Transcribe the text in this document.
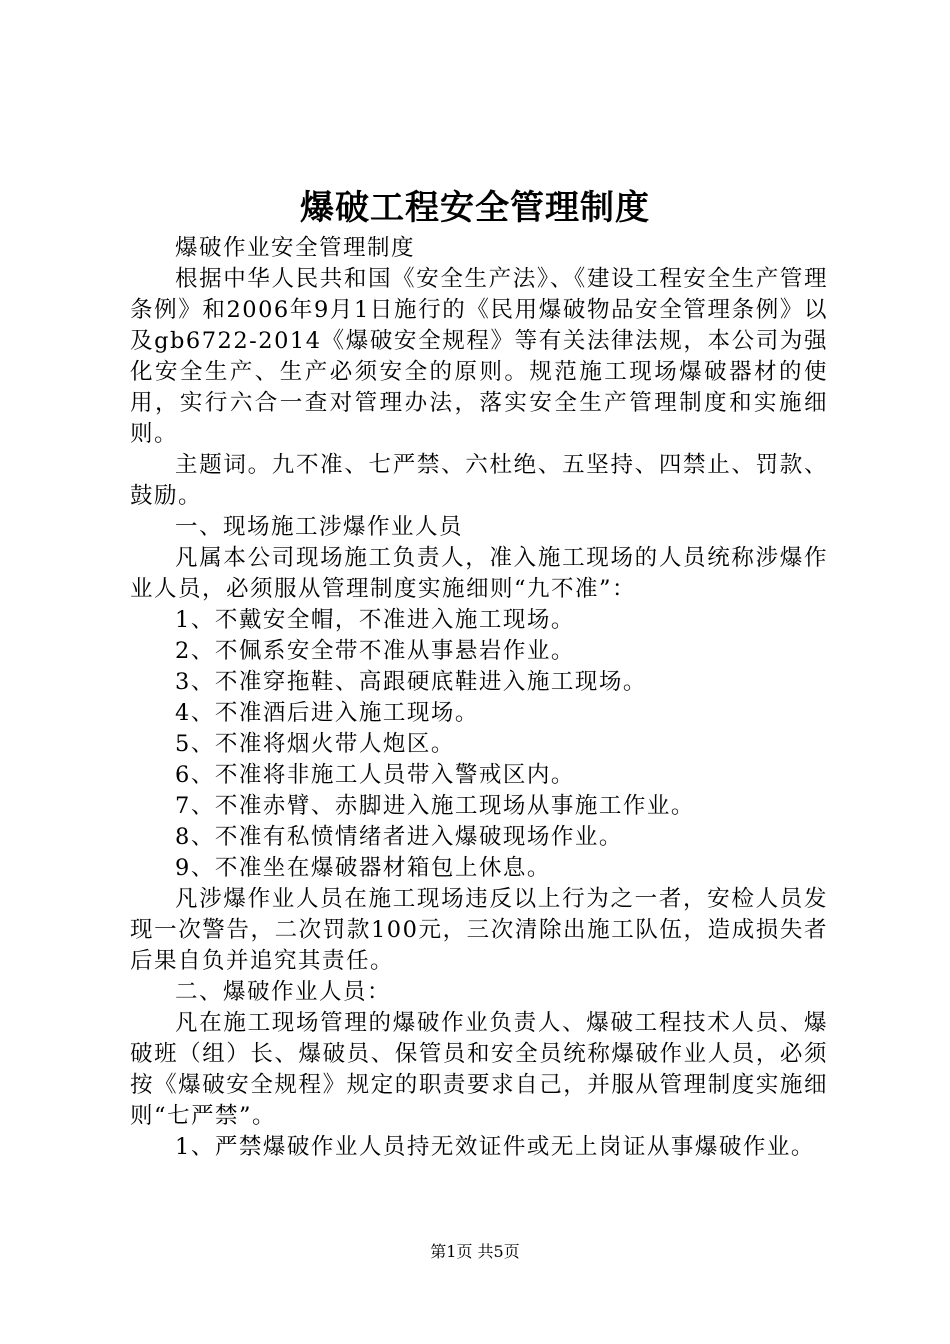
爆破工程安全管理制度

爆破作业安全管理制度

根据中华人民共和国《安全生产法》、《建设工程安全生产管理条例》和2006年9月1日施行的《民用爆破物品安全管理条例》以及gb6722-2014《爆破安全规程》等有关法律法规，本公司为强化安全生产、生产必须安全的原则。规范施工现场爆破器材的使用，实行六合一查对管理办法，落实安全生产管理制度和实施细则。

主题词。九不准、七严禁、六杜绝、五坚持、四禁止、罚款、鼓励。

一、现场施工涉爆作业人员

凡属本公司现场施工负责人，准入施工现场的人员统称涉爆作业人员，必须服从管理制度实施细则“九不准”：

1、不戴安全帽，不准进入施工现场。

2、不佩系安全带不准从事悬岩作业。

3、不准穿拖鞋、高跟硬底鞋进入施工现场。

4、不准酒后进入施工现场。

5、不准将烟火带人炮区。

6、不准将非施工人员带入警戒区内。

7、不准赤臂、赤脚进入施工现场从事施工作业。

8、不准有私愤情绪者进入爆破现场作业。

9、不准坐在爆破器材箱包上休息。

凡涉爆作业人员在施工现场违反以上行为之一者，安检人员发现一次警告，二次罚款100元，三次清除出施工队伍，造成损失者后果自负并追究其责任。

二、爆破作业人员：

凡在施工现场管理的爆破作业负责人、爆破工程技术人员、爆破班（组）长、爆破员、保管员和安全员统称爆破作业人员，必须按《爆破安全规程》规定的职责要求自己，并服从管理制度实施细则“七严禁”。

1、严禁爆破作业人员持无效证件或无上岗证从事爆破作业。

第1页 共5页
